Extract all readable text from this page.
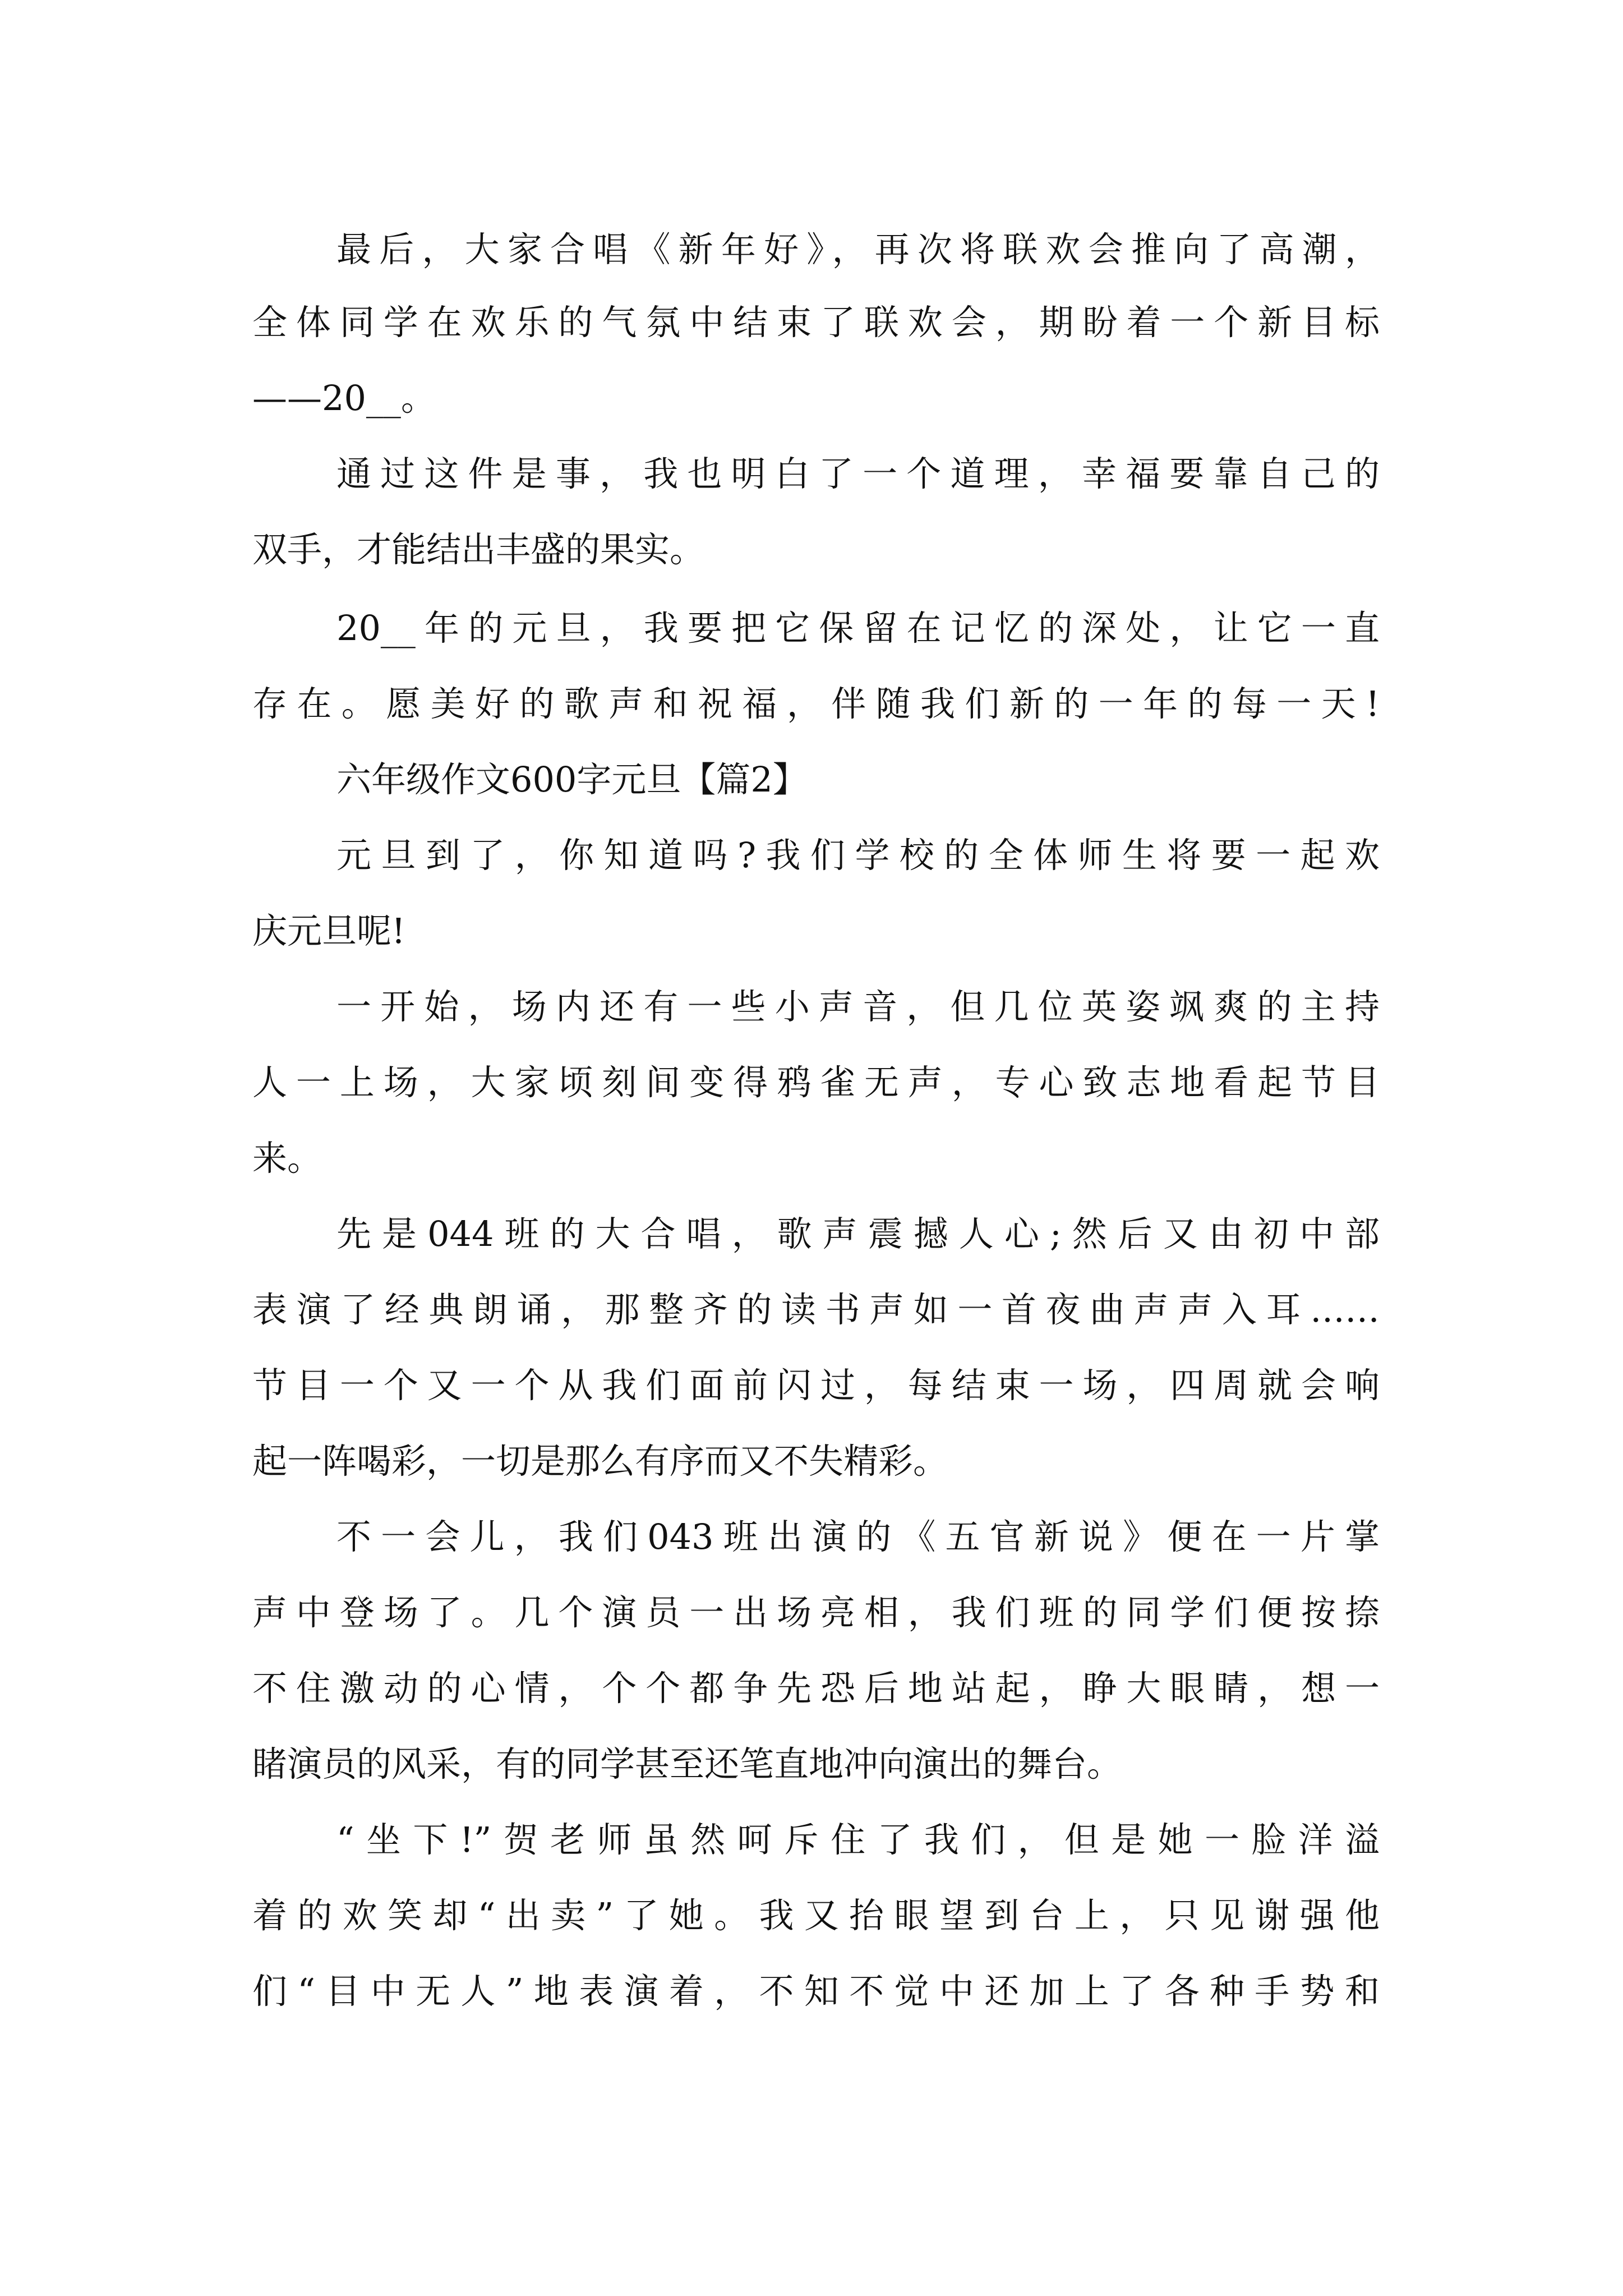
最后，大家合唱《新年好》，再次将联欢会推向了高潮，
全体同学在欢乐的气氛中结束了联欢会，期盼着一个新目标
——20__。
通过这件是事，我也明白了一个道理，幸福要靠自己的
双手，才能结出丰盛的果实。
20__年的元旦，我要把它保留在记忆的深处，让它一直
存在。愿美好的歌声和祝福，伴随我们新的一年的每一天!
六年级作文600字元旦【篇2】
元旦到了，你知道吗?我们学校的全体师生将要一起欢
庆元旦呢!
一开始，场内还有一些小声音，但几位英姿飒爽的主持
人一上场，大家顷刻间变得鸦雀无声，专心致志地看起节目
来。
先是044班的大合唱，歌声震撼人心;然后又由初中部
表演了经典朗诵，那整齐的读书声如一首夜曲声声入耳……
节目一个又一个从我们面前闪过，每结束一场，四周就会响
起一阵喝彩，一切是那么有序而又不失精彩。
不一会儿，我们043班出演的《五官新说》便在一片掌
声中登场了。几个演员一出场亮相，我们班的同学们便按捺
不住激动的心情，个个都争先恐后地站起，睁大眼睛，想一
睹演员的风采，有的同学甚至还笔直地冲向演出的舞台。
“坐下!”贺老师虽然呵斥住了我们，但是她一脸洋溢
着的欢笑却“出卖”了她。我又抬眼望到台上，只见谢强他
们“目中无人”地表演着，不知不觉中还加上了各种手势和
